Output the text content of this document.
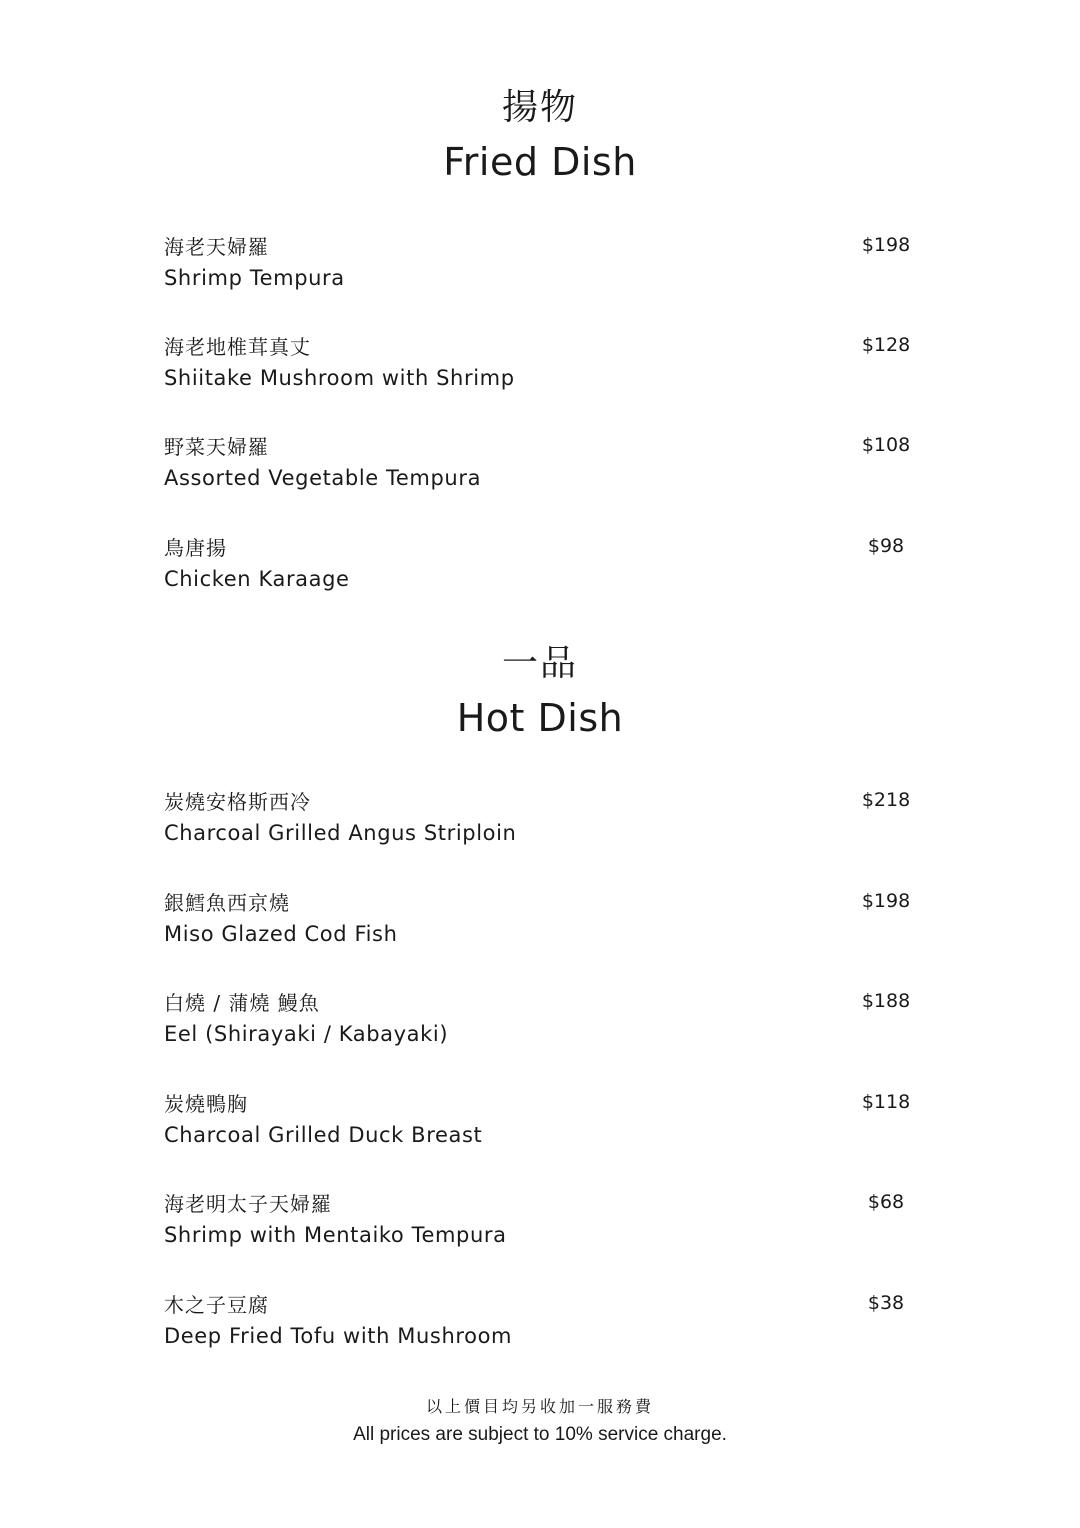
揚物
Fried Dish
海老天婦羅
Shrimp Tempura
$198
海老地椎茸真丈
Shiitake Mushroom with Shrimp
$128
野菜天婦羅
Assorted Vegetable Tempura
$108
鳥唐揚
Chicken Karaage
$98
一品
Hot Dish
炭燒安格斯西冷
Charcoal Grilled Angus Striploin
$218
銀鱈魚西京燒
Miso Glazed Cod Fish
$198
白燒 / 蒲燒 鰻魚
Eel (Shirayaki / Kabayaki)
$188
炭燒鴨胸
Charcoal Grilled Duck Breast
$118
海老明太子天婦羅
Shrimp with Mentaiko Tempura
$68
木之子豆腐
Deep Fried Tofu with Mushroom
$38
以上價目均另收加一服務費
All prices are subject to 10% service charge.
